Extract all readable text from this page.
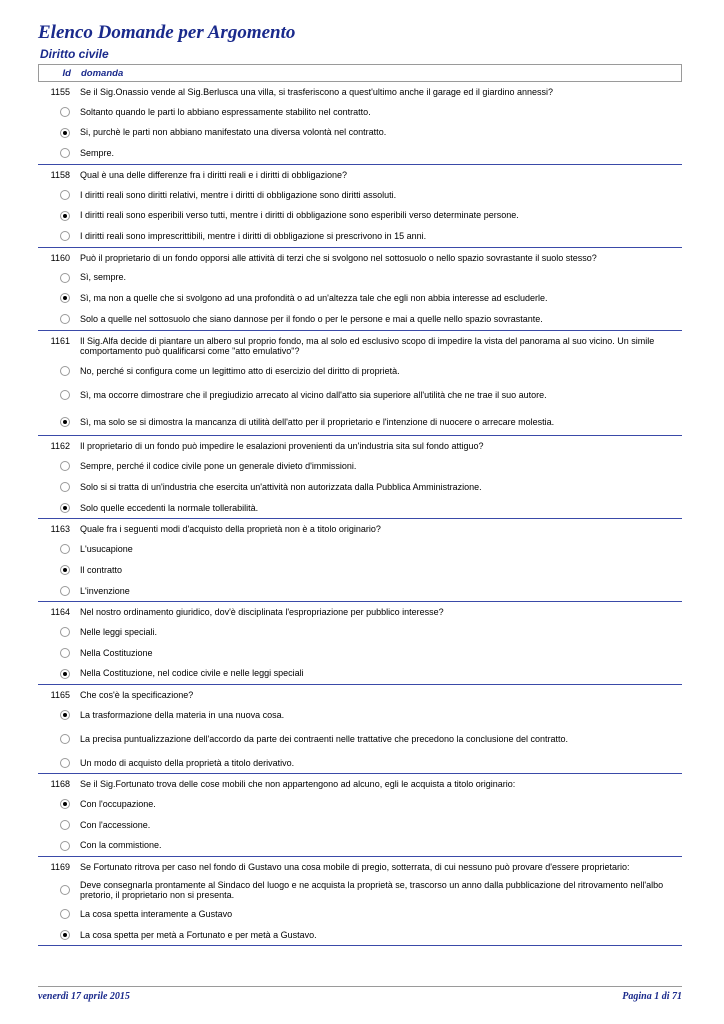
Elenco Domande per Argomento
Diritto civile
Id	domanda
1155	Se il Sig.Onassio vende al Sig.Berlusca una villa, si trasferiscono a quest'ultimo anche il garage ed il giardino annessi?
Soltanto quando le parti lo abbiano espressamente stabilito nel contratto.
Si, purchè le parti non abbiano manifestato una diversa volontà nel contratto.
Sempre.
1158	Qual è una delle differenze fra i diritti reali e i diritti di obbligazione?
I diritti reali sono diritti relativi, mentre i diritti di obbligazione sono diritti assoluti.
I diritti reali sono esperibili verso tutti, mentre i diritti di obbligazione sono esperibili verso determinate persone.
I diritti reali sono imprescrittibili, mentre i diritti di obbligazione si prescrivono in 15 anni.
1160	Può il proprietario di un fondo opporsi alle attività di terzi che si svolgono nel sottosuolo o nello spazio sovrastante il suolo stesso?
Sì, sempre.
Sì, ma non a quelle che si svolgono ad una profondità o ad un'altezza tale che egli non abbia interesse ad escluderle.
Solo a quelle nel sottosuolo che siano dannose per il fondo o per le persone e mai a quelle nello spazio sovrastante.
1161	Il Sig.Alfa decide di piantare un albero sul proprio fondo, ma al solo ed esclusivo scopo di impedire la vista del panorama al suo vicino. Un simile comportamento può qualificarsi come "atto emulativo"?
No, perché si configura come un legittimo atto di esercizio del diritto di proprietà.
Sì, ma occorre dimostrare che il pregiudizio arrecato al vicino dall'atto sia superiore all'utilità che ne trae il suo autore.
Sì, ma solo se si dimostra la mancanza di utilità dell'atto per il proprietario e l'intenzione di nuocere o arrecare molestia.
1162	Il proprietario di un fondo può impedire le esalazioni provenienti da un'industria sita sul fondo attiguo?
Sempre, perché il codice civile pone un generale divieto d'immissioni.
Solo si si tratta di un'industria che esercita un'attività non autorizzata dalla Pubblica Amministrazione.
Solo quelle eccedenti la normale tollerabilità.
1163	Quale fra i seguenti modi d'acquisto della proprietà non è a titolo originario?
L'usucapione
Il contratto
L'invenzione
1164	Nel nostro ordinamento giuridico, dov'è disciplinata l'espropriazione per pubblico interesse?
Nelle leggi speciali.
Nella Costituzione
Nella Costituzione, nel codice civile e nelle leggi speciali
1165	Che cos'è la specificazione?
La trasformazione della materia in una nuova cosa.
La precisa puntualizzazione dell'accordo da parte dei contraenti nelle trattative che precedono la conclusione del contratto.
Un modo di acquisto della proprietà a titolo derivativo.
1168	Se il Sig.Fortunato trova delle cose mobili che non appartengono ad alcuno, egli le acquista a titolo originario:
Con l'occupazione.
Con l'accessione.
Con la commistione.
1169	Se Fortunato ritrova per caso nel fondo di Gustavo una cosa mobile di pregio, sotterrata, di cui nessuno può provare d'essere proprietario:
Deve consegnarla prontamente al Sindaco del luogo e ne acquista la proprietà se, trascorso un anno dalla pubblicazione del ritrovamento nell'albo pretorio, il proprietario non si presenta.
La cosa spetta interamente a Gustavo
La cosa spetta per metà a Fortunato e per metà a Gustavo.
venerdì 17 aprile 2015	Pagina 1 di 71
